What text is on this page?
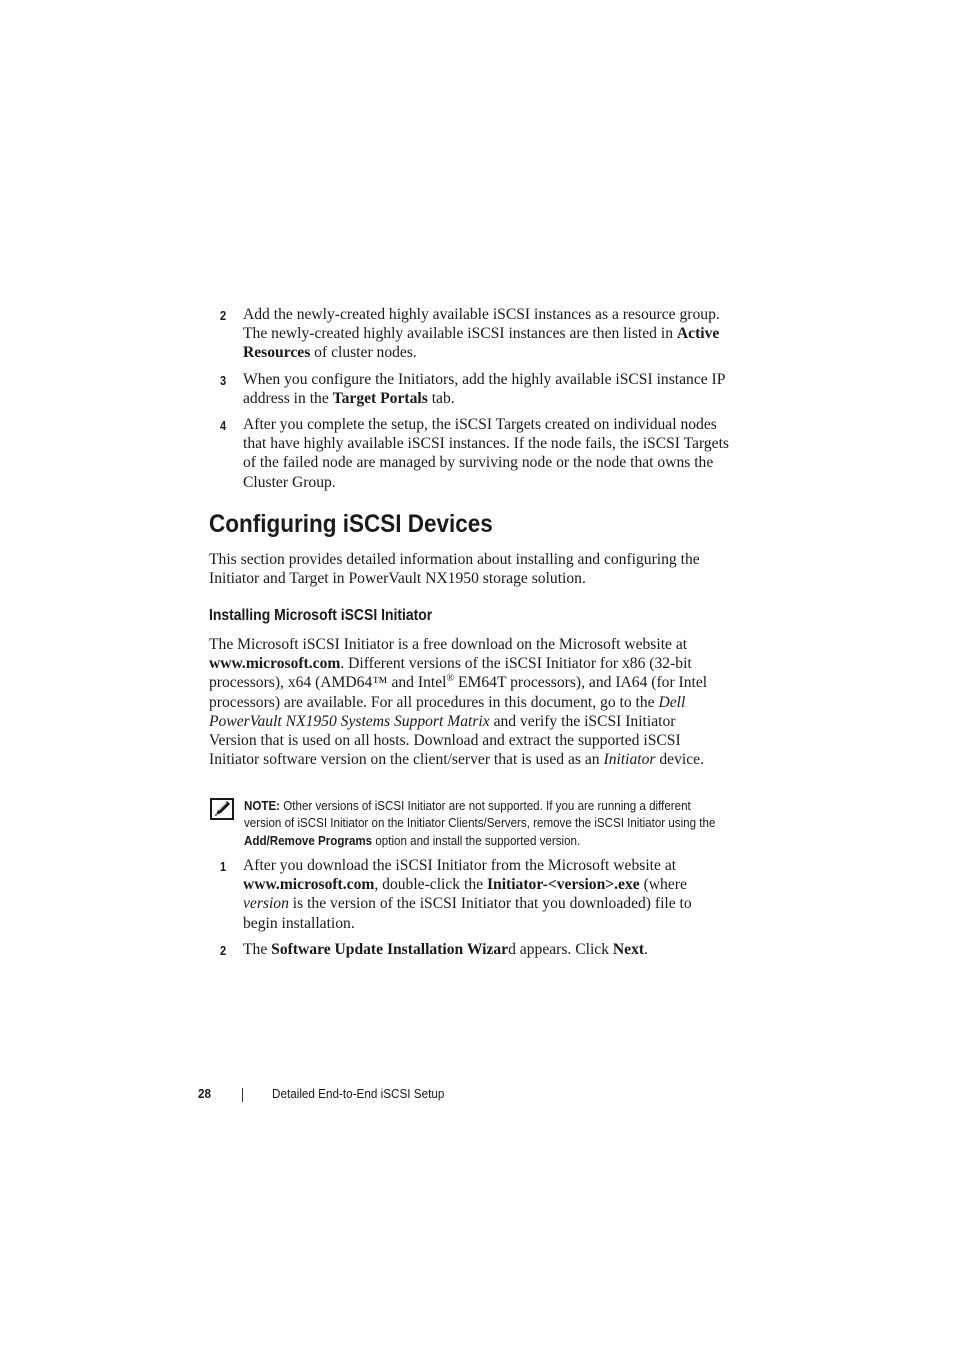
2 Add the newly-created highly available iSCSI instances as a resource group. The newly-created highly available iSCSI instances are then listed in Active Resources of cluster nodes.
3 When you configure the Initiators, add the highly available iSCSI instance IP address in the Target Portals tab.
4 After you complete the setup, the iSCSI Targets created on individual nodes that have highly available iSCSI instances. If the node fails, the iSCSI Targets of the failed node are managed by surviving node or the node that owns the Cluster Group.
Configuring iSCSI Devices

This section provides detailed information about installing and configuring the Initiator and Target in PowerVault NX1950 storage solution.

Installing Microsoft iSCSI Initiator

The Microsoft iSCSI Initiator is a free download on the Microsoft website at www.microsoft.com. Different versions of the iSCSI Initiator for x86 (32-bit processors), x64 (AMD64™ and Intel® EM64T processors), and IA64 (for Intel processors) are available. For all procedures in this document, go to the Dell PowerVault NX1950 Systems Support Matrix and verify the iSCSI Initiator Version that is used on all hosts. Download and extract the supported iSCSI Initiator software version on the client/server that is used as an Initiator device.

NOTE: Other versions of iSCSI Initiator are not supported. If you are running a different version of iSCSI Initiator on the Initiator Clients/Servers, remove the iSCSI Initiator using the Add/Remove Programs option and install the supported version.
1 After you download the iSCSI Initiator from the Microsoft website at www.microsoft.com, double-click the Initiator-<version>.exe (where version is the version of the iSCSI Initiator that you downloaded) file to begin installation.
2 The Software Update Installation Wizard appears. Click Next.
28	Detailed End-to-End iSCSI Setup
